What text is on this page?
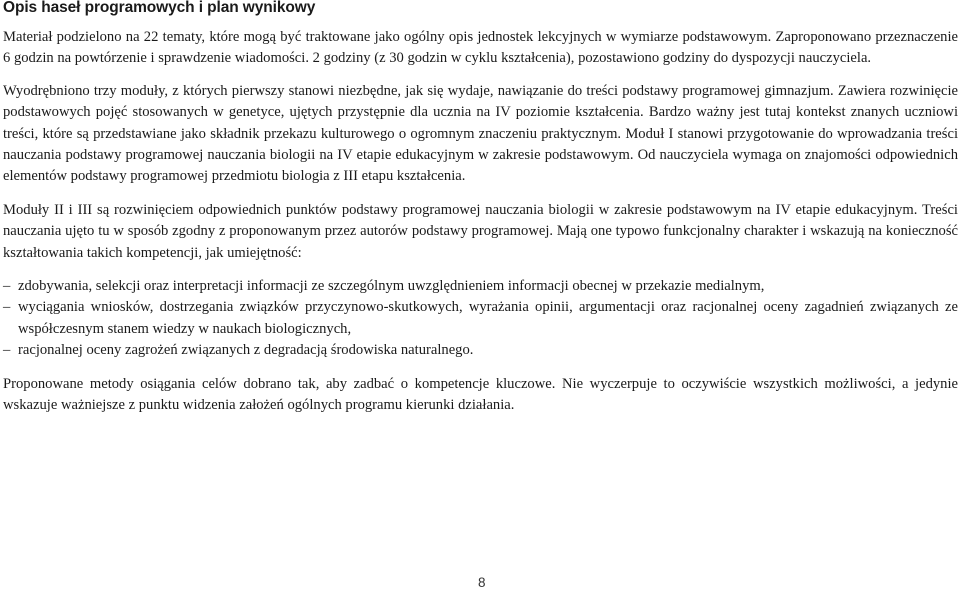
Opis haseł programowych i plan wynikowy

Materiał podzielono na 22 tematy, które mogą być traktowane jako ogólny opis jednostek lekcyjnych w wymiarze podstawowym. Zaproponowano przeznaczenie 6 godzin na powtórzenie i sprawdzenie wiadomości. 2 godziny (z 30 godzin w cyklu kształcenia), pozostawiono godziny do dyspozycji nauczyciela.

Wyodrębniono trzy moduły, z których pierwszy stanowi niezbędne, jak się wydaje, nawiązanie do treści podstawy programowej gimnazjum. Zawiera rozwinięcie podstawowych pojęć stosowanych w genetyce, ujętych przystępnie dla ucznia na IV poziomie kształcenia. Bardzo ważny jest tutaj kontekst znanych uczniowi treści, które są przedstawiane jako składnik przekazu kulturowego o ogromnym znaczeniu praktycznym. Moduł I stanowi przygotowanie do wprowadzania treści nauczania podstawy programowej nauczania biologii na IV etapie edukacyjnym w zakresie podstawowym. Od nauczyciela wymaga on znajomości odpowiednich elementów podstawy programowej przedmiotu biologia z III etapu kształcenia.

Moduły II i III są rozwinięciem odpowiednich punktów podstawy programowej nauczania biologii w zakresie podstawowym na IV etapie edukacyjnym. Treści nauczania ujęto tu w sposób zgodny z proponowanym przez autorów podstawy programowej. Mają one typowo funkcjonalny charakter i wskazują na konieczność kształtowania takich kompetencji, jak umiejętność:

– zdobywania, selekcji oraz interpretacji informacji ze szczególnym uwzględnieniem informacji obecnej w przekazie medialnym,
– wyciągania wniosków, dostrzegania związków przyczynowo-skutkowych, wyrażania opinii, argumentacji oraz racjonalnej oceny zagadnień związanych ze współczesnym stanem wiedzy w naukach biologicznych,
– racjonalnej oceny zagrożeń związanych z degradacją środowiska naturalnego.

Proponowane metody osiągania celów dobrano tak, aby zadbać o kompetencje kluczowe. Nie wyczerpuje to oczywiście wszystkich możliwości, a jedynie wskazuje ważniejsze z punktu widzenia założeń ogólnych programu kierunki działania.

8
